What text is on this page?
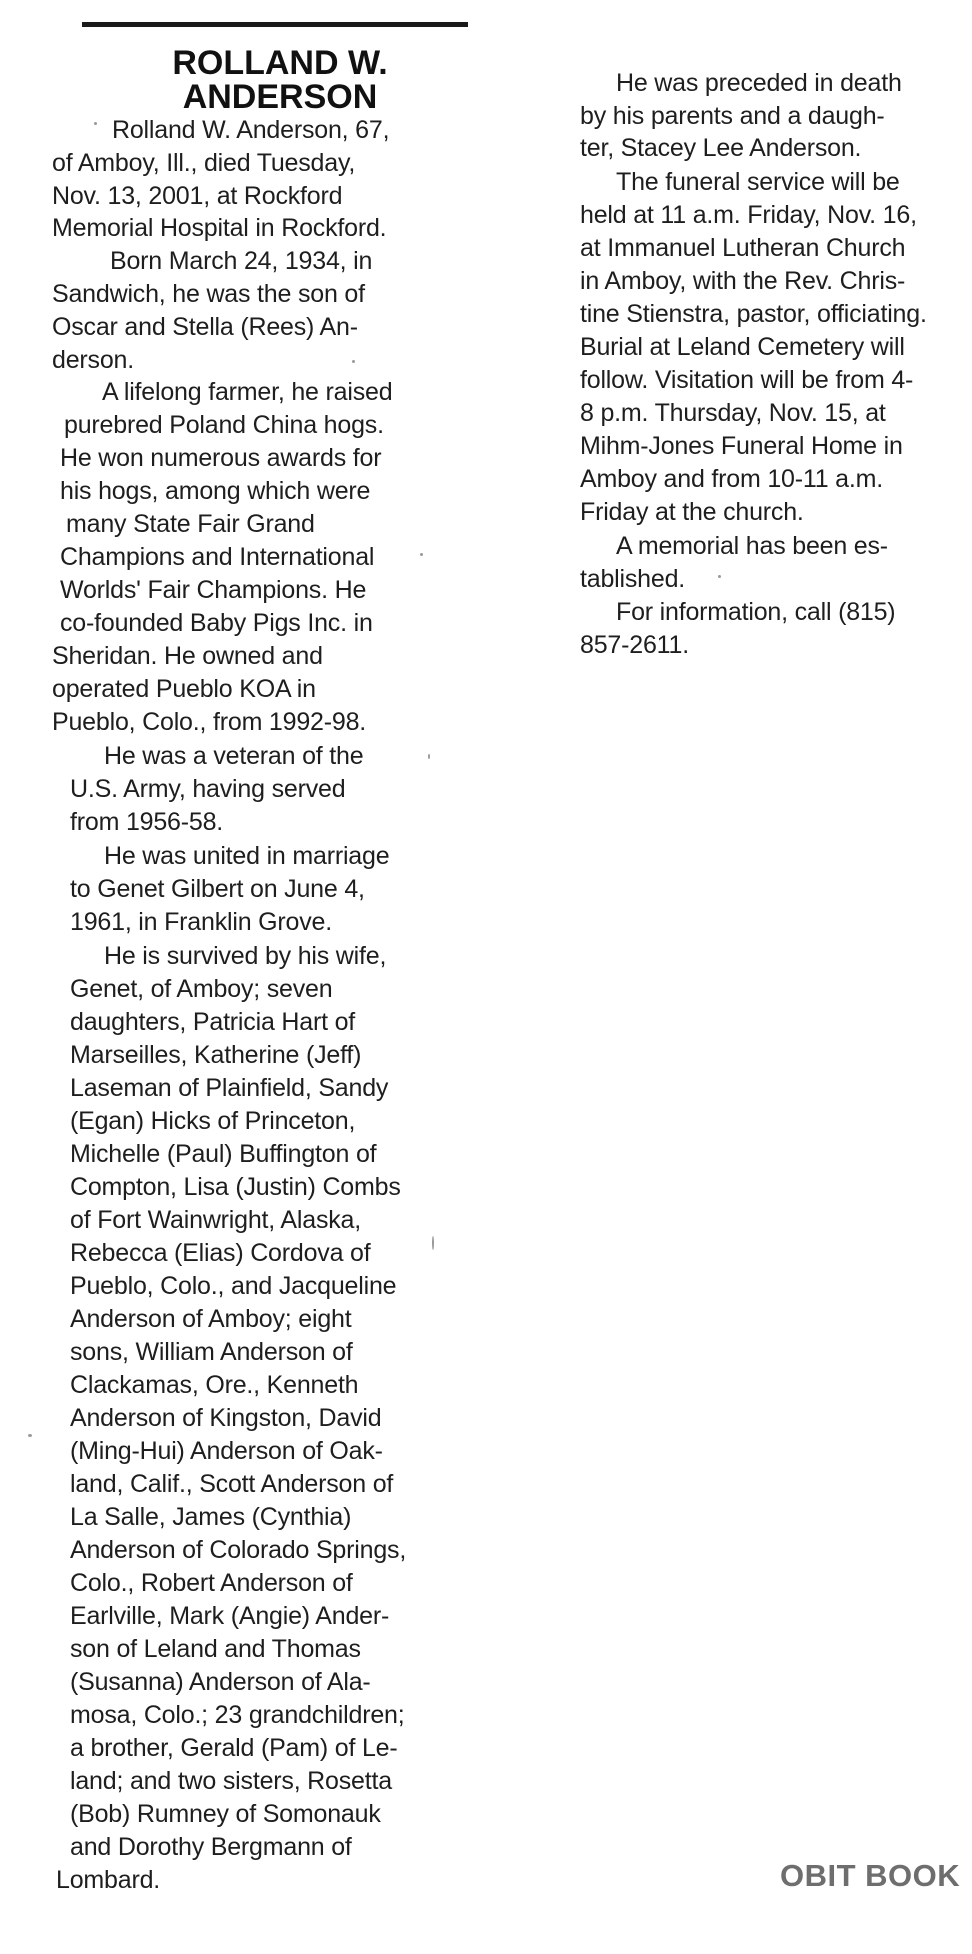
ROLLAND W.
ANDERSON
Rolland W. Anderson, 67,
of Amboy, Ill., died Tuesday,
Nov. 13, 2001, at Rockford
Memorial Hospital in Rockford.
Born March 24, 1934, in
Sandwich, he was the son of
Oscar and Stella (Rees) An-
derson.
A lifelong farmer, he raised
purebred Poland China hogs.
He won numerous awards for
his hogs, among which were
many State Fair Grand
Champions and International
Worlds' Fair Champions. He
co-founded Baby Pigs Inc. in
Sheridan. He owned and
operated Pueblo KOA in
Pueblo, Colo., from 1992-98.
He was a veteran of the
U.S. Army, having served
from 1956-58.
He was united in marriage
to Genet Gilbert on June 4,
1961, in Franklin Grove.
He is survived by his wife,
Genet, of Amboy; seven
daughters, Patricia Hart of
Marseilles, Katherine (Jeff)
Laseman of Plainfield, Sandy
(Egan) Hicks of Princeton,
Michelle (Paul) Buffington of
Compton, Lisa (Justin) Combs
of Fort Wainwright, Alaska,
Rebecca (Elias) Cordova of
Pueblo, Colo., and Jacqueline
Anderson of Amboy; eight
sons, William Anderson of
Clackamas, Ore., Kenneth
Anderson of Kingston, David
(Ming-Hui) Anderson of Oak-
land, Calif., Scott Anderson of
La Salle, James (Cynthia)
Anderson of Colorado Springs,
Colo., Robert Anderson of
Earlville, Mark (Angie) Ander-
son of Leland and Thomas
(Susanna) Anderson of Ala-
mosa, Colo.; 23 grandchildren;
a brother, Gerald (Pam) of Le-
land; and two sisters, Rosetta
(Bob) Rumney of Somonauk
and Dorothy Bergmann of
Lombard.
He was preceded in death
by his parents and a daugh-
ter, Stacey Lee Anderson.
The funeral service will be
held at 11 a.m. Friday, Nov. 16,
at Immanuel Lutheran Church
in Amboy, with the Rev. Chris-
tine Stienstra, pastor, officiating.
Burial at Leland Cemetery will
follow. Visitation will be from 4-
8 p.m. Thursday, Nov. 15, at
Mihm-Jones Funeral Home in
Amboy and from 10-11 a.m.
Friday at the church.
A memorial has been es-
tablished.
For information, call (815)
857-2611.
OBIT BOOK
